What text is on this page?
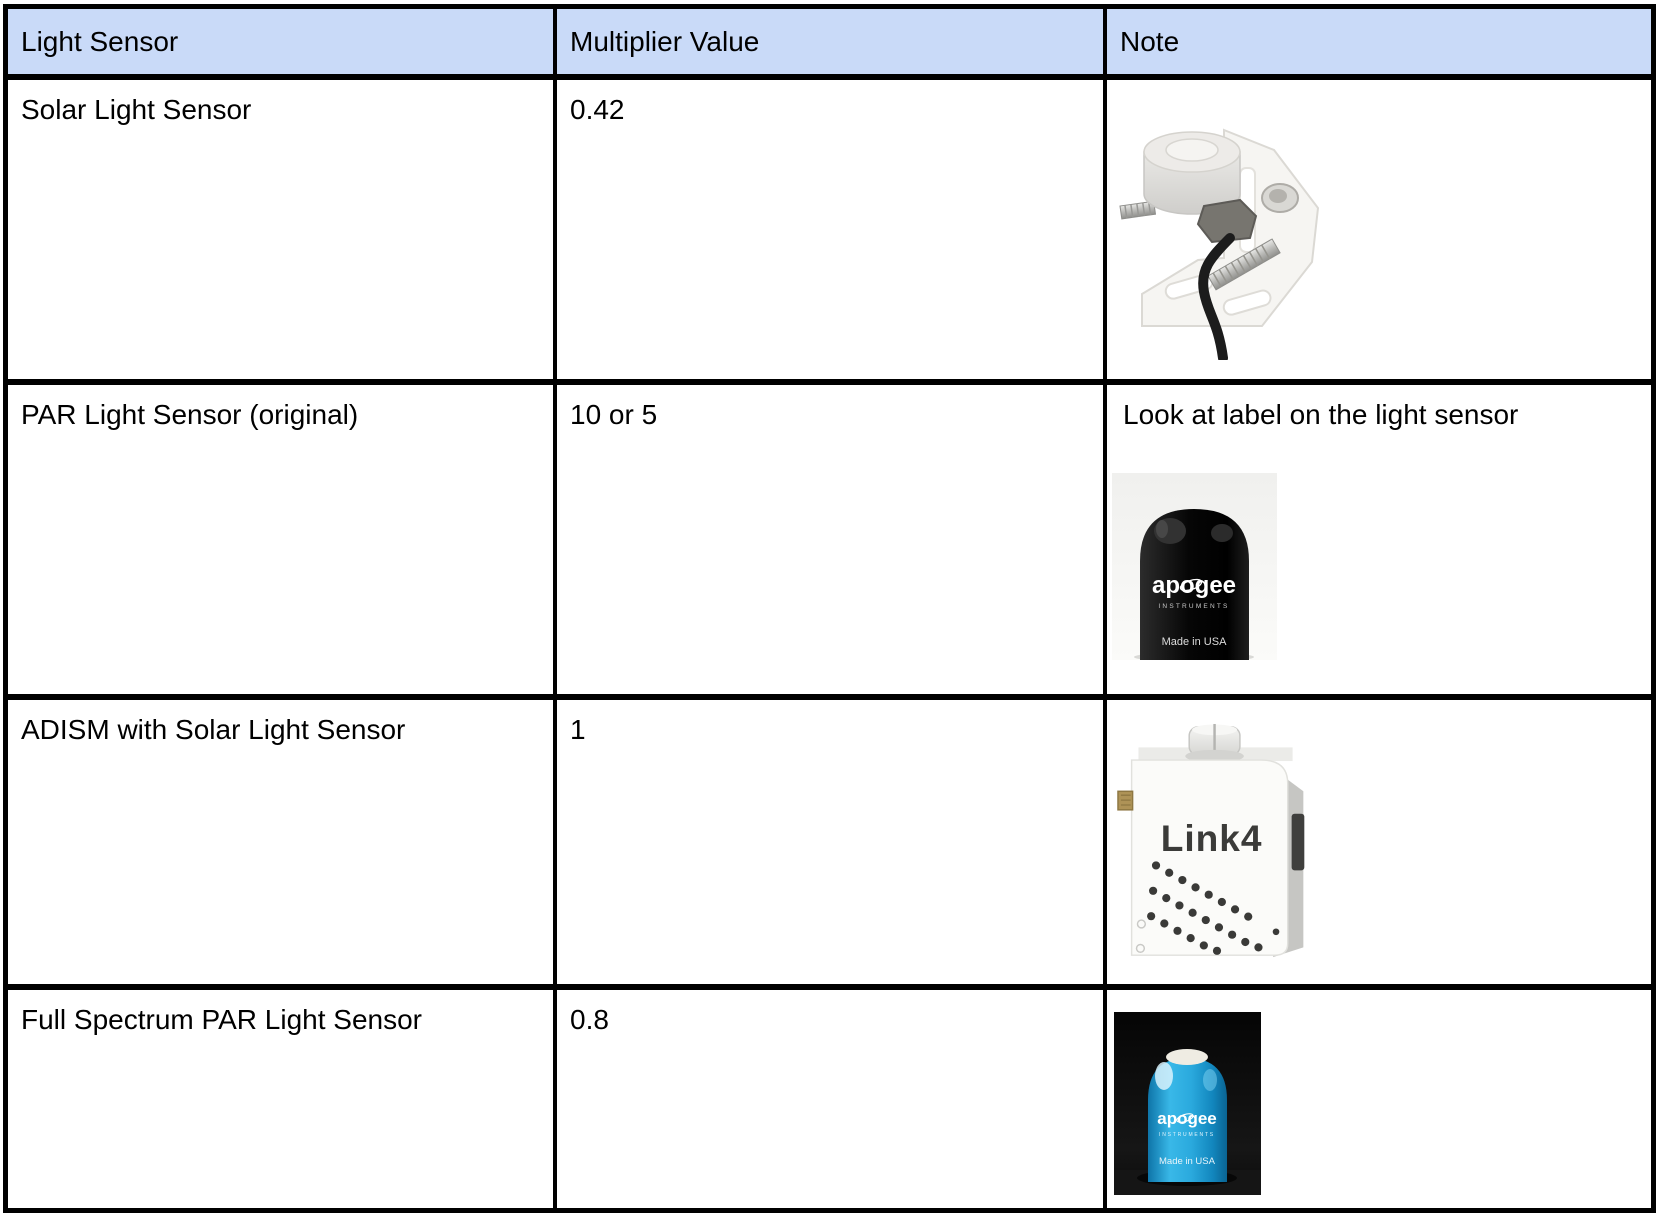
Light Sensor	Multiplier Value	Note
Solar Light Sensor	0.42
PAR Light Sensor (original)	10 or 5	Look at label on the light sensor
apogee
INSTRUMENTS
Made in USA
ADISM with Solar Light Sensor	1
Link4
Full Spectrum PAR Light Sensor	0.8
apogee
INSTRUMENTS
Made in USA
